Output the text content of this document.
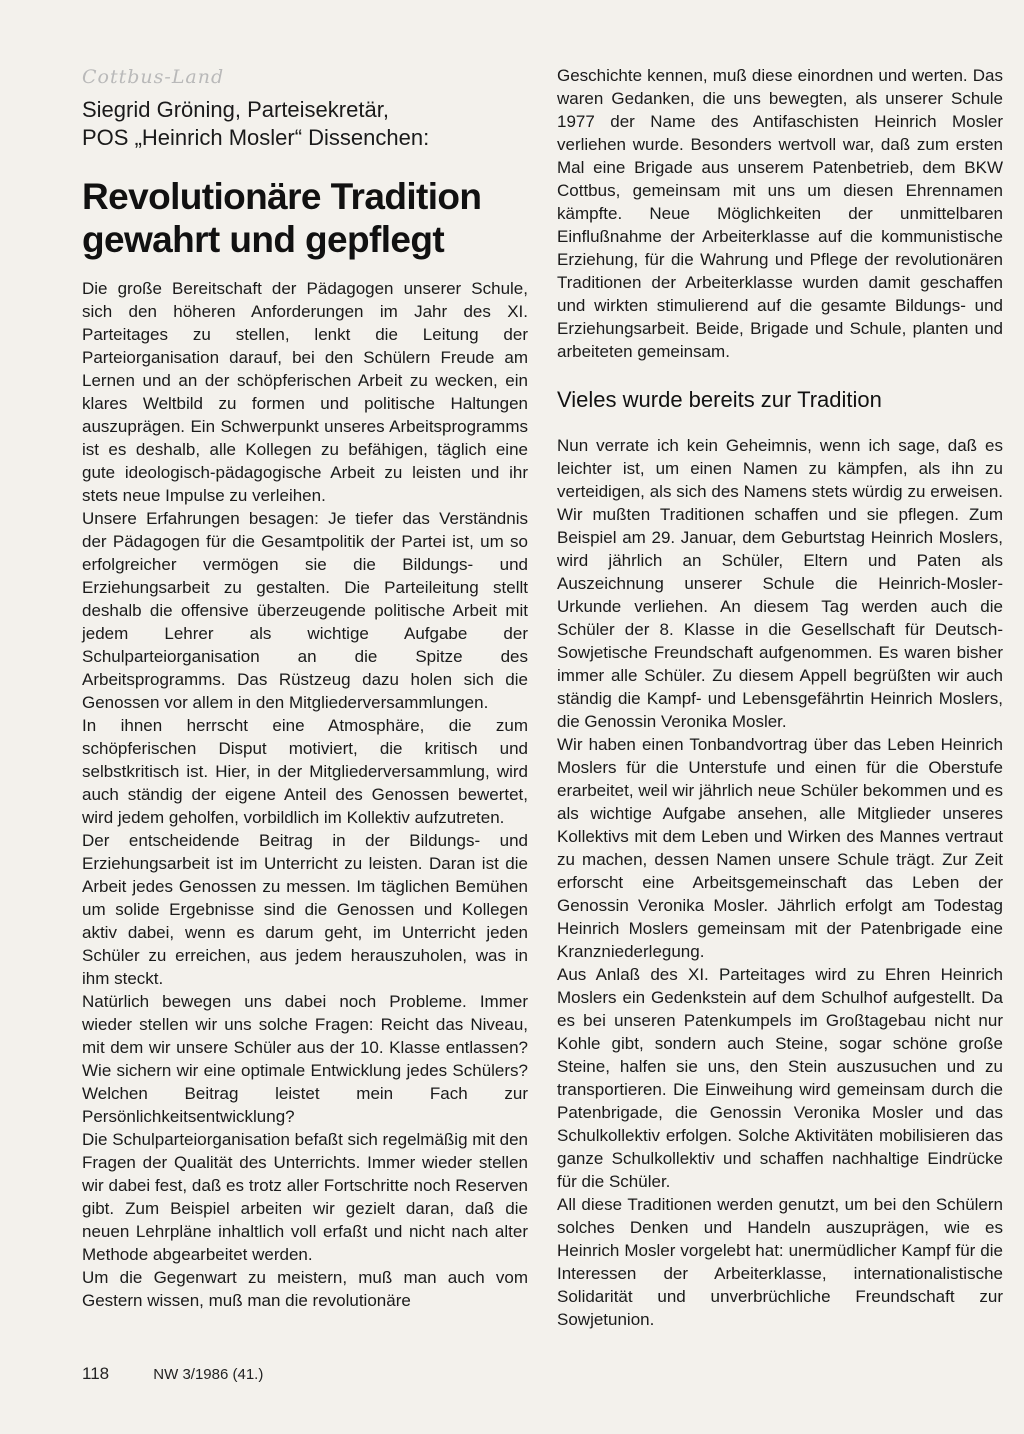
Cottbus-Land
Siegrid Gröning, Parteisekretär,
POS „Heinrich Mosler“ Dissenchen:
Revolutionäre Tradition
gewahrt und gepflegt

Die große Bereitschaft der Pädagogen unserer Schule, sich den höheren Anforderungen im Jahr des XI. Parteitages zu stellen, lenkt die Leitung der Parteiorganisation darauf, bei den Schülern Freude am Lernen und an der schöpferischen Arbeit zu wecken, ein klares Weltbild zu formen und politische Haltungen auszuprägen. Ein Schwerpunkt unseres Arbeitsprogramms ist es deshalb, alle Kollegen zu befähigen, täglich eine gute ideologisch-pädagogische Arbeit zu leisten und ihr stets neue Impulse zu verleihen.

Unsere Erfahrungen besagen: Je tiefer das Verständnis der Pädagogen für die Gesamtpolitik der Partei ist, um so erfolgreicher vermögen sie die Bildungs- und Erziehungsarbeit zu gestalten. Die Parteileitung stellt deshalb die offensive überzeugende politische Arbeit mit jedem Lehrer als wichtige Aufgabe der Schulparteiorganisation an die Spitze des Arbeitsprogramms. Das Rüstzeug dazu holen sich die Genossen vor allem in den Mitgliederversammlungen.

In ihnen herrscht eine Atmosphäre, die zum schöpferischen Disput motiviert, die kritisch und selbstkritisch ist. Hier, in der Mitgliederversammlung, wird auch ständig der eigene Anteil des Genossen bewertet, wird jedem geholfen, vorbildlich im Kollektiv aufzutreten.

Der entscheidende Beitrag in der Bildungs- und Erziehungsarbeit ist im Unterricht zu leisten. Daran ist die Arbeit jedes Genossen zu messen. Im täglichen Bemühen um solide Ergebnisse sind die Genossen und Kollegen aktiv dabei, wenn es darum geht, im Unterricht jeden Schüler zu erreichen, aus jedem herauszuholen, was in ihm steckt.

Natürlich bewegen uns dabei noch Probleme. Immer wieder stellen wir uns solche Fragen: Reicht das Niveau, mit dem wir unsere Schüler aus der 10. Klasse entlassen? Wie sichern wir eine optimale Entwicklung jedes Schülers? Welchen Beitrag leistet mein Fach zur Persönlichkeitsentwicklung?

Die Schulparteiorganisation befaßt sich regelmäßig mit den Fragen der Qualität des Unterrichts. Immer wieder stellen wir dabei fest, daß es trotz aller Fortschritte noch Reserven gibt. Zum Beispiel arbeiten wir gezielt daran, daß die neuen Lehrpläne inhaltlich voll erfaßt und nicht nach alter Methode abgearbeitet werden.

Um die Gegenwart zu meistern, muß man auch vom Gestern wissen, muß man die revolutionäre

Geschichte kennen, muß diese einordnen und werten. Das waren Gedanken, die uns bewegten, als unserer Schule 1977 der Name des Antifaschisten Heinrich Mosler verliehen wurde. Besonders wertvoll war, daß zum ersten Mal eine Brigade aus unserem Patenbetrieb, dem BKW Cottbus, gemeinsam mit uns um diesen Ehrennamen kämpfte. Neue Möglichkeiten der unmittelbaren Einflußnahme der Arbeiterklasse auf die kommunistische Erziehung, für die Wahrung und Pflege der revolutionären Traditionen der Arbeiterklasse wurden damit geschaffen und wirkten stimulierend auf die gesamte Bildungs- und Erziehungsarbeit. Beide, Brigade und Schule, planten und arbeiteten gemeinsam.

Vieles wurde bereits zur Tradition

Nun verrate ich kein Geheimnis, wenn ich sage, daß es leichter ist, um einen Namen zu kämpfen, als ihn zu verteidigen, als sich des Namens stets würdig zu erweisen. Wir mußten Traditionen schaffen und sie pflegen. Zum Beispiel am 29. Januar, dem Geburtstag Heinrich Moslers, wird jährlich an Schüler, Eltern und Paten als Auszeichnung unserer Schule die Heinrich-Mosler-Urkunde verliehen. An diesem Tag werden auch die Schüler der 8. Klasse in die Gesellschaft für Deutsch-Sowjetische Freundschaft aufgenommen. Es waren bisher immer alle Schüler. Zu diesem Appell begrüßten wir auch ständig die Kampf- und Lebensgefährtin Heinrich Moslers, die Genossin Veronika Mosler.

Wir haben einen Tonbandvortrag über das Leben Heinrich Moslers für die Unterstufe und einen für die Oberstufe erarbeitet, weil wir jährlich neue Schüler bekommen und es als wichtige Aufgabe ansehen, alle Mitglieder unseres Kollektivs mit dem Leben und Wirken des Mannes vertraut zu machen, dessen Namen unsere Schule trägt. Zur Zeit erforscht eine Arbeitsgemeinschaft das Leben der Genossin Veronika Mosler. Jährlich erfolgt am Todestag Heinrich Moslers gemeinsam mit der Patenbrigade eine Kranzniederlegung.

Aus Anlaß des XI. Parteitages wird zu Ehren Heinrich Moslers ein Gedenkstein auf dem Schulhof aufgestellt. Da es bei unseren Patenkumpels im Großtagebau nicht nur Kohle gibt, sondern auch Steine, sogar schöne große Steine, halfen sie uns, den Stein auszusuchen und zu transportieren. Die Einweihung wird gemeinsam durch die Patenbrigade, die Genossin Veronika Mosler und das Schulkollektiv erfolgen. Solche Aktivitäten mobilisieren das ganze Schulkollektiv und schaffen nachhaltige Eindrücke für die Schüler.

All diese Traditionen werden genutzt, um bei den Schülern solches Denken und Handeln auszuprägen, wie es Heinrich Mosler vorgelebt hat: unermüdlicher Kampf für die Interessen der Arbeiterklasse, internationalistische Solidarität und unverbrüchliche Freundschaft zur Sowjetunion.

118	NW 3/1986 (41.)
